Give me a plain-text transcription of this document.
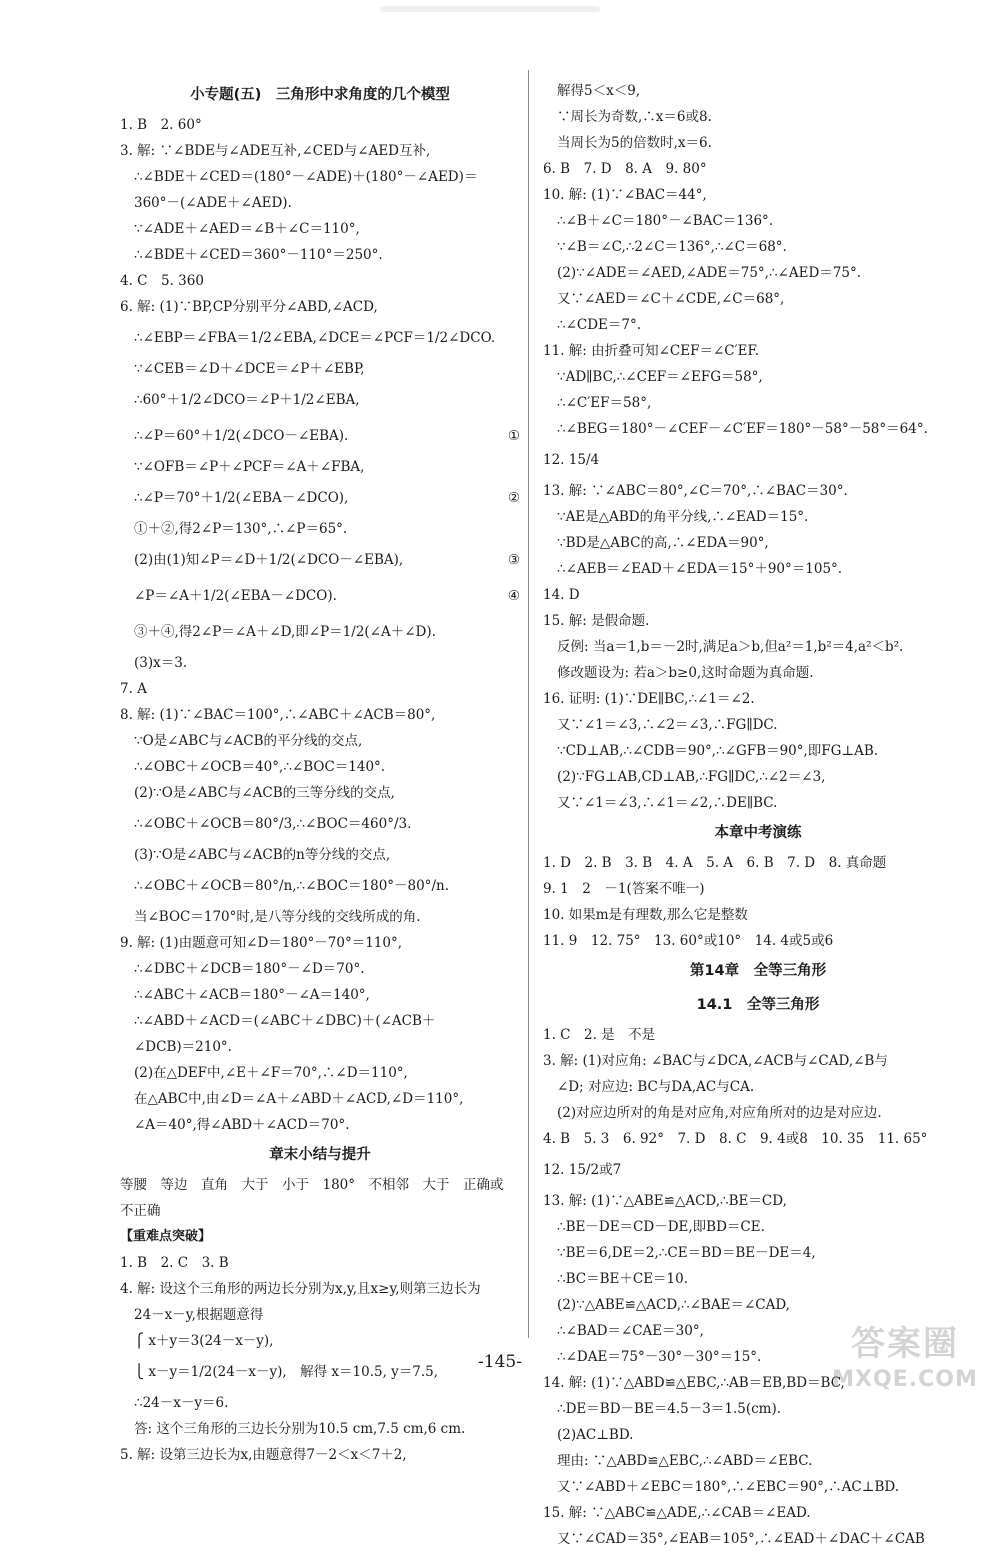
小专题(五)　三角形中求角度的几个模型
1. B　2. 60°
3. 解: ∵∠BDE与∠ADE互补,∠CED与∠AED互补,
∴∠BDE＋∠CED＝(180°－∠ADE)＋(180°－∠AED)＝
360°－(∠ADE＋∠AED).
∵∠ADE＋∠AED＝∠B＋∠C＝110°,
∴∠BDE＋∠CED＝360°－110°＝250°.
4. C　5. 360
6. 解: (1)∵BP,CP分别平分∠ABD,∠ACD,
∴∠EBP＝∠FBA＝1/2∠EBA,∠DCE＝∠PCF＝1/2∠DCO.
∵∠CEB＝∠D＋∠DCE＝∠P＋∠EBP,
∴60°＋1/2∠DCO＝∠P＋1/2∠EBA,
∴∠P＝60°＋1/2(∠DCO－∠EBA).	①
∵∠OFB＝∠P＋∠PCF＝∠A＋∠FBA,
∴∠P＝70°＋1/2(∠EBA－∠DCO),	②
①＋②,得2∠P＝130°,∴∠P＝65°.
(2)由(1)知∠P＝∠D＋1/2(∠DCO－∠EBA),	③
∠P＝∠A＋1/2(∠EBA－∠DCO).	④
③＋④,得2∠P＝∠A＋∠D,即∠P＝1/2(∠A＋∠D).
(3)x＝3.
7. A
8. 解: (1)∵∠BAC＝100°,∴∠ABC＋∠ACB＝80°,
∵O是∠ABC与∠ACB的平分线的交点,
∴∠OBC＋∠OCB＝40°,∴∠BOC＝140°.
(2)∵O是∠ABC与∠ACB的三等分线的交点,
∴∠OBC＋∠OCB＝80°/3,∴∠BOC＝460°/3.
(3)∵O是∠ABC与∠ACB的n等分线的交点,
∴∠OBC＋∠OCB＝80°/n,∴∠BOC＝180°－80°/n.
当∠BOC＝170°时,是八等分线的交线所成的角.
9. 解: (1)由题意可知∠D＝180°－70°＝110°,
∴∠DBC＋∠DCB＝180°－∠D＝70°.
∴∠ABC＋∠ACB＝180°－∠A＝140°,
∴∠ABD＋∠ACD＝(∠ABC＋∠DBC)＋(∠ACB＋
∠DCB)＝210°.
(2)在△DEF中,∠E＋∠F＝70°,∴∠D＝110°,
在△ABC中,由∠D＝∠A＋∠ABD＋∠ACD,∠D＝110°,
∠A＝40°,得∠ABD＋∠ACD＝70°.
章末小结与提升
等腰　等边　直角　大于　小于　180°　不相邻　大于　正确或
不正确
【重难点突破】
1. B　2. C　3. B
4. 解: 设这个三角形的两边长分别为x,y,且x≥y,则第三边长为
24－x－y,根据题意得
⎧ x＋y＝3(24－x－y),
⎩ x－y＝1/2(24－x－y),　解得 x＝10.5, y＝7.5,
∴24－x－y＝6.
答: 这个三角形的三边长分别为10.5 cm,7.5 cm,6 cm.
5. 解: 设第三边长为x,由题意得7－2＜x＜7＋2,
解得5＜x＜9,
∵周长为奇数,∴x＝6或8.
当周长为5的倍数时,x＝6.
6. B　7. D　8. A　9. 80°
10. 解: (1)∵∠BAC＝44°,
∴∠B＋∠C＝180°－∠BAC＝136°.
∵∠B＝∠C,∴2∠C＝136°,∴∠C＝68°.
(2)∵∠ADE＝∠AED,∠ADE＝75°,∴∠AED＝75°.
又∵∠AED＝∠C＋∠CDE,∠C＝68°,
∴∠CDE＝7°.
11. 解: 由折叠可知∠CEF＝∠C′EF.
∵AD∥BC,∴∠CEF＝∠EFG＝58°,
∴∠C′EF＝58°,
∴∠BEG＝180°－∠CEF－∠C′EF＝180°－58°－58°＝64°.
12. 15/4
13. 解: ∵∠ABC＝80°,∠C＝70°,∴∠BAC＝30°.
∵AE是△ABD的角平分线,∴∠EAD＝15°.
∵BD是△ABC的高,∴∠EDA＝90°,
∴∠AEB＝∠EAD＋∠EDA＝15°＋90°＝105°.
14. D
15. 解: 是假命题.
反例: 当a＝1,b＝－2时,满足a＞b,但a²＝1,b²＝4,a²＜b².
修改题设为: 若a＞b≥0,这时命题为真命题.
16. 证明: (1)∵DE∥BC,∴∠1＝∠2.
又∵∠1＝∠3,∴∠2＝∠3,∴FG∥DC.
∵CD⊥AB,∴∠CDB＝90°,∴∠GFB＝90°,即FG⊥AB.
(2)∵FG⊥AB,CD⊥AB,∴FG∥DC,∴∠2＝∠3,
又∵∠1＝∠3,∴∠1＝∠2,∴DE∥BC.
本章中考演练
1. D　2. B　3. B　4. A　5. A　6. B　7. D　8. 真命题
9. 1　2　－1(答案不唯一)
10. 如果m是有理数,那么它是整数
11. 9　12. 75°　13. 60°或10°　14. 4或5或6
第14章　全等三角形
14.1　全等三角形
1. C　2. 是　不是
3. 解: (1)对应角: ∠BAC与∠DCA,∠ACB与∠CAD,∠B与
∠D; 对应边: BC与DA,AC与CA.
(2)对应边所对的角是对应角,对应角所对的边是对应边.
4. B　5. 3　6. 92°　7. D　8. C　9. 4或8　10. 35　11. 65°
12. 15/2或7
13. 解: (1)∵△ABE≌△ACD,∴BE＝CD,
∴BE－DE＝CD－DE,即BD＝CE.
∵BE＝6,DE＝2,∴CE＝BD＝BE－DE＝4,
∴BC＝BE＋CE＝10.
(2)∵△ABE≌△ACD,∴∠BAE＝∠CAD,
∴∠BAD＝∠CAE＝30°,
∴∠DAE＝75°－30°－30°＝15°.
14. 解: (1)∵△ABD≌△EBC,∴AB＝EB,BD＝BC,
∴DE＝BD－BE＝4.5－3＝1.5(cm).
(2)AC⊥BD.
理由: ∵△ABD≌△EBC,∴∠ABD＝∠EBC.
又∵∠ABD＋∠EBC＝180°,∴∠EBC＝90°,∴AC⊥BD.
15. 解: ∵△ABC≌△ADE,∴∠CAB＝∠EAD.
又∵∠CAD＝35°,∠EAB＝105°,∴∠EAD＋∠DAC＋∠CAB
-145-	答案圈
MXQE.COM
